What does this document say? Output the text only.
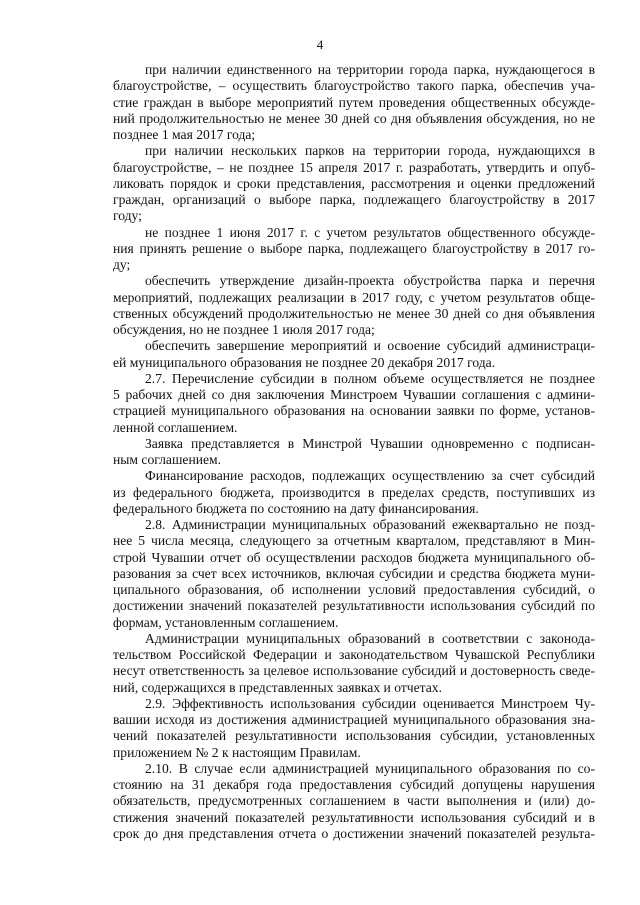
4
при наличии единственного на территории города парка, нуждающегося в
благоустройстве, – осуществить благоустройство такого парка, обеспечив уча-
стие граждан в выборе мероприятий путем проведения общественных обсужде-
ний продолжительностью не менее 30 дней со дня объявления обсуждения, но не
позднее 1 мая 2017 года;
при наличии нескольких парков на территории города, нуждающихся в
благоустройстве, – не позднее 15 апреля 2017 г. разработать, утвердить и опуб-
ликовать порядок и сроки представления, рассмотрения и оценки предложений
граждан, организаций о выборе парка, подлежащего благоустройству в 2017
году;
не позднее 1 июня 2017 г. с учетом результатов общественного обсужде-
ния принять решение о выборе парка, подлежащего благоустройству в 2017 го-
ду;
обеспечить утверждение дизайн-проекта обустройства парка и перечня
мероприятий, подлежащих реализации в 2017 году, с учетом результатов обще-
ственных обсуждений продолжительностью не менее 30 дней со дня объявления
обсуждения, но не позднее 1 июля 2017 года;
обеспечить завершение мероприятий и освоение субсидий администраци-
ей муниципального образования не позднее 20 декабря 2017 года.
2.7. Перечисление субсидии в полном объеме осуществляется не позднее
5 рабочих дней со дня заключения Минстроем Чувашии соглашения с админи-
страцией муниципального образования на основании заявки по форме, установ-
ленной соглашением.
Заявка представляется в Минстрой Чувашии одновременно с подписан-
ным соглашением.
Финансирование расходов, подлежащих осуществлению за счет субсидий
из федерального бюджета, производится в пределах средств, поступивших из
федерального бюджета по состоянию на дату финансирования.
2.8. Администрации муниципальных образований ежеквартально не позд-
нее 5 числа месяца, следующего за отчетным кварталом, представляют в Мин-
строй Чувашии отчет об осуществлении расходов бюджета муниципального об-
разования за счет всех источников, включая субсидии и средства бюджета муни-
ципального образования, об исполнении условий предоставления субсидий, о
достижении значений показателей результативности использования субсидий по
формам, установленным соглашением.
Администрации муниципальных образований в соответствии с законода-
тельством Российской Федерации и законодательством Чувашской Республики
несут ответственность за целевое использование субсидий и достоверность сведе-
ний, содержащихся в представленных заявках и отчетах.
2.9. Эффективность использования субсидии оценивается Минстроем Чу-
вашии исходя из достижения администрацией муниципального образования зна-
чений показателей результативности использования субсидии, установленных
приложением № 2 к настоящим Правилам.
2.10. В случае если администрацией муниципального образования по со-
стоянию на 31 декабря года предоставления субсидий допущены нарушения
обязательств, предусмотренных соглашением в части выполнения и (или) до-
стижения значений показателей результативности использования субсидий и в
срок до дня представления отчета о достижении значений показателей результа-
